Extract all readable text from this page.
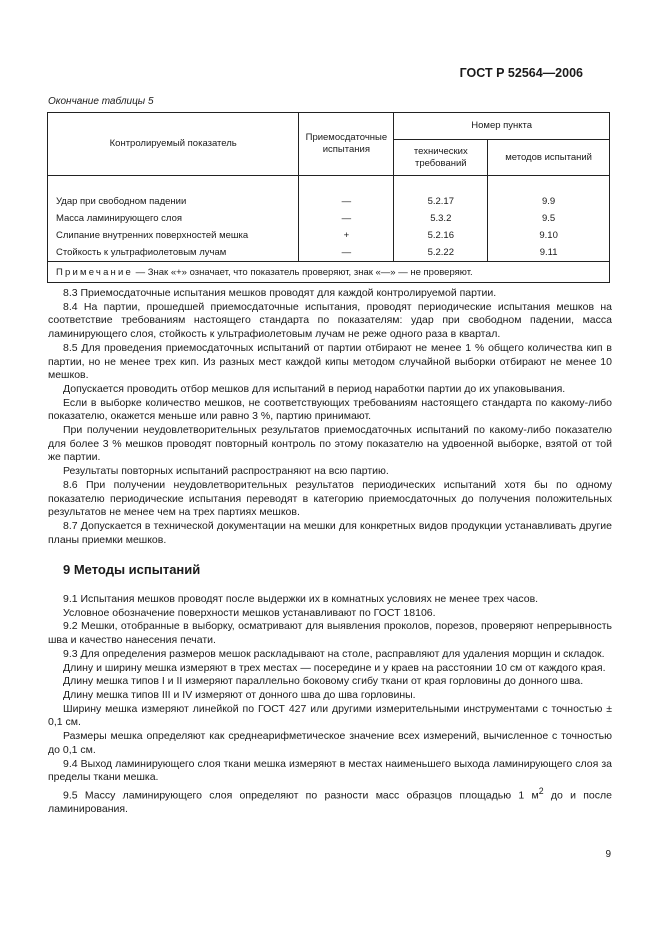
ГОСТ Р 52564—2006
Окончание таблицы 5
Контролируемый показатель	Приемосдаточные испытания	Номер пункта	
		технических требований	методов испытаний

Удар при свободном падении	—	5.2.17	9.9
Масса ламинирующего слоя	—	5.3.2	9.5
Слипание внутренних поверхностей мешка	+	5.2.16	9.10
Стойкость к ультрафиолетовым лучам	—	5.2.22	9.11
Примечание — Знак «+» означает, что показатель проверяют, знак «—» — не проверяют.			

8.3 Приемосдаточные испытания мешков проводят для каждой контролируемой партии.

8.4 На партии, прошедшей приемосдаточные испытания, проводят периодические испытания мешков на соответствие требованиям настоящего стандарта по показателям: удар при свободном падении, масса ламинирующего слоя, стойкость к ультрафиолетовым лучам не реже одного раза в квартал.

8.5 Для проведения приемосдаточных испытаний от партии отбирают не менее 1 % общего количества кип в партии, но не менее трех кип. Из разных мест каждой кипы методом случайной выборки отбирают не менее 10 мешков.

Допускается проводить отбор мешков для испытаний в период наработки партии до их упаковывания.

Если в выборке количество мешков, не соответствующих требованиям настоящего стандарта по какому-либо показателю, окажется меньше или равно 3 %, партию принимают.

При получении неудовлетворительных результатов приемосдаточных испытаний по какому-либо показателю для более 3 % мешков проводят повторный контроль по этому показателю на удвоенной выборке, взятой от той же партии.

Результаты повторных испытаний распространяют на всю партию.

8.6 При получении неудовлетворительных результатов периодических испытаний хотя бы по одному показателю периодические испытания переводят в категорию приемосдаточных до получения положительных результатов не менее чем на трех партиях мешков.

8.7 Допускается в технической документации на мешки для конкретных видов продукции устанавливать другие планы приемки мешков.

9 Методы испытаний

9.1 Испытания мешков проводят после выдержки их в комнатных условиях не менее трех часов.

Условное обозначение поверхности мешков устанавливают по ГОСТ 18106.

9.2 Мешки, отобранные в выборку, осматривают для выявления проколов, порезов, проверяют непрерывность шва и качество нанесения печати.

9.3 Для определения размеров мешок раскладывают на столе, расправляют для удаления морщин и складок.

Длину и ширину мешка измеряют в трех местах — посередине и у краев на расстоянии 10 см от каждого края.

Длину мешка типов I и II измеряют параллельно боковому сгибу ткани от края горловины до донного шва.

Длину мешка типов III и IV измеряют от донного шва до шва горловины.

Ширину мешка измеряют линейкой по ГОСТ 427 или другими измерительными инструментами с точностью ± 0,1 см.

Размеры мешка определяют как среднеарифметическое значение всех измерений, вычисленное с точностью до 0,1 см.

9.4 Выход ламинирующего слоя ткани мешка измеряют в местах наименьшего выхода ламинирующего слоя за пределы ткани мешка.

9.5 Массу ламинирующего слоя определяют по разности масс образцов площадью 1 $м^2$ до и после ламинирования.

9
